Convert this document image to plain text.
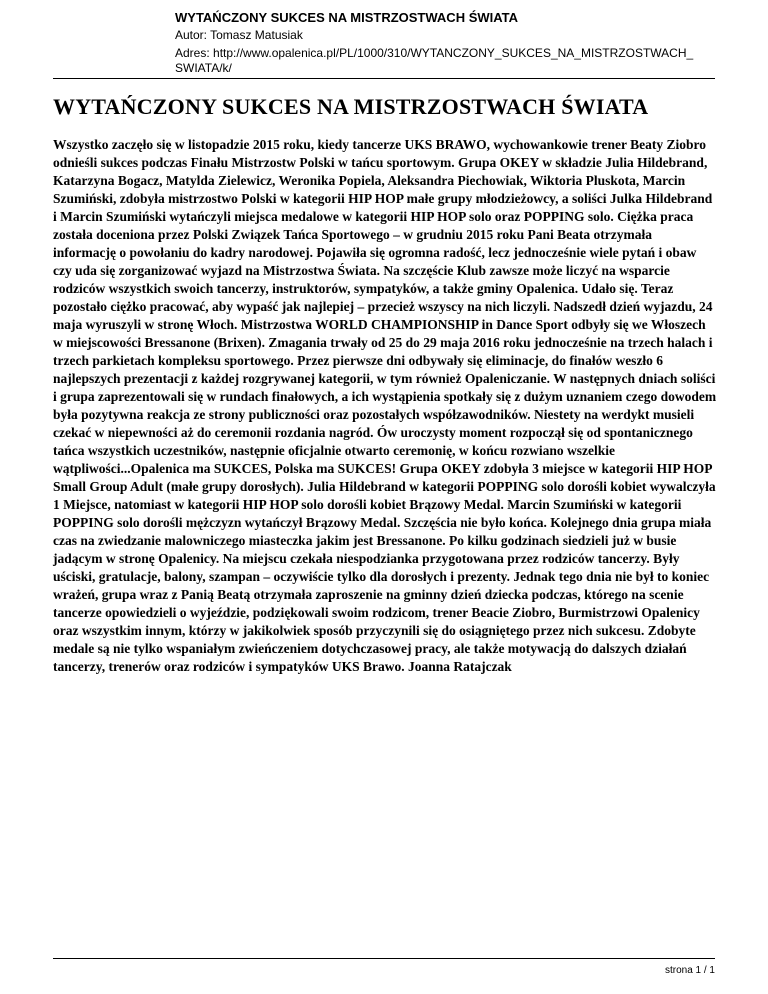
WYTAŃCZONY SUKCES NA MISTRZOSTWACH ŚWIATA

Autor: Tomasz Matusiak

Adres: http://www.opalenica.pl/PL/1000/310/WYTANCZONY_SUKCES_NA_MISTRZOSTWACH_SWIATA/k/

WYTAŃCZONY SUKCES NA MISTRZOSTWACH ŚWIATA

Wszystko zaczęło się w listopadzie 2015 roku, kiedy tancerze UKS BRAWO, wychowankowie trener Beaty Ziobro odnieśli sukces podczas Finału Mistrzostw Polski w tańcu sportowym. Grupa OKEY w składzie Julia Hildebrand, Katarzyna Bogacz, Matylda Zielewicz, Weronika Popiela, Aleksandra Piechowiak, Wiktoria Pluskota, Marcin Szumiński, zdobyła mistrzostwo Polski w kategorii HIP HOP małe grupy młodzieżowcy, a soliści Julka Hildebrand i Marcin Szumiński wytańczyli miejsca medalowe w kategorii HIP HOP solo oraz POPPING solo. Ciężka praca została doceniona przez Polski Związek Tańca Sportowego – w grudniu 2015 roku Pani Beata otrzymała informację o powołaniu do kadry narodowej. Pojawiła się ogromna radość, lecz jednocześnie wiele pytań i obaw czy uda się zorganizować wyjazd na Mistrzostwa Świata. Na szczęście Klub zawsze może liczyć na wsparcie rodziców wszystkich swoich tancerzy, instruktorów, sympatyków, a także gminy Opalenica. Udało się. Teraz pozostało ciężko pracować, aby wypaść jak najlepiej – przecież wszyscy na nich liczyli. Nadszedł dzień wyjazdu, 24 maja wyruszyli w stronę Włoch. Mistrzostwa WORLD CHAMPIONSHIP in Dance Sport odbyły się we Włoszech w miejscowości Bressanone (Brixen). Zmagania trwały od 25 do 29 maja 2016 roku jednocześnie na trzech halach i trzech parkietach kompleksu sportowego. Przez pierwsze dni odbywały się eliminacje, do finałów weszło 6 najlepszych prezentacji z każdej rozgrywanej kategorii, w tym również Opaleniczanie. W następnych dniach soliści i grupa zaprezentowali się w rundach finałowych, a ich wystąpienia spotkały się z dużym uznaniem czego dowodem była pozytywna reakcja ze strony publiczności oraz pozostałych współzawodników. Niestety na werdykt musieli czekać w niepewności aż do ceremonii rozdania nagród. Ów uroczysty moment rozpoczął się od spontanicznego tańca wszystkich uczestników, następnie oficjalnie otwarto ceremonię, w końcu rozwiano wszelkie wątpliwości...Opalenica ma SUKCES, Polska ma SUKCES! Grupa OKEY zdobyła 3 miejsce w kategorii HIP HOP Small Group Adult (małe grupy dorosłych). Julia Hildebrand w kategorii POPPING solo dorośli kobiet wywalczyła 1 Miejsce, natomiast w kategorii HIP HOP solo dorośli kobiet Brązowy Medal. Marcin Szumiński w kategorii POPPING solo dorośli mężczyzn wytańczył Brązowy Medal. Szczęścia nie było końca. Kolejnego dnia grupa miała czas na zwiedzanie malowniczego miasteczka jakim jest Bressanone. Po kilku godzinach siedzieli już w busie jadącym w stronę Opalenicy. Na miejscu czekała niespodzianka przygotowana przez rodziców tancerzy. Były uściski, gratulacje, balony, szampan – oczywiście tylko dla dorosłych i prezenty. Jednak tego dnia nie był to koniec wrażeń, grupa wraz z Panią Beatą otrzymała zaproszenie na gminny dzień dziecka podczas, którego na scenie tancerze opowiedzieli o wyjeździe, podziękowali swoim rodzicom, trener Beacie Ziobro, Burmistrzowi Opalenicy oraz wszystkim innym, którzy w jakikolwiek sposób przyczynili się do osiągniętego przez nich sukcesu. Zdobyte medale są nie tylko wspaniałym zwieńczeniem dotychczasowej pracy, ale także motywacją do dalszych działań tancerzy, trenerów oraz rodziców i sympatyków UKS Brawo. Joanna Ratajczak

strona 1 / 1
